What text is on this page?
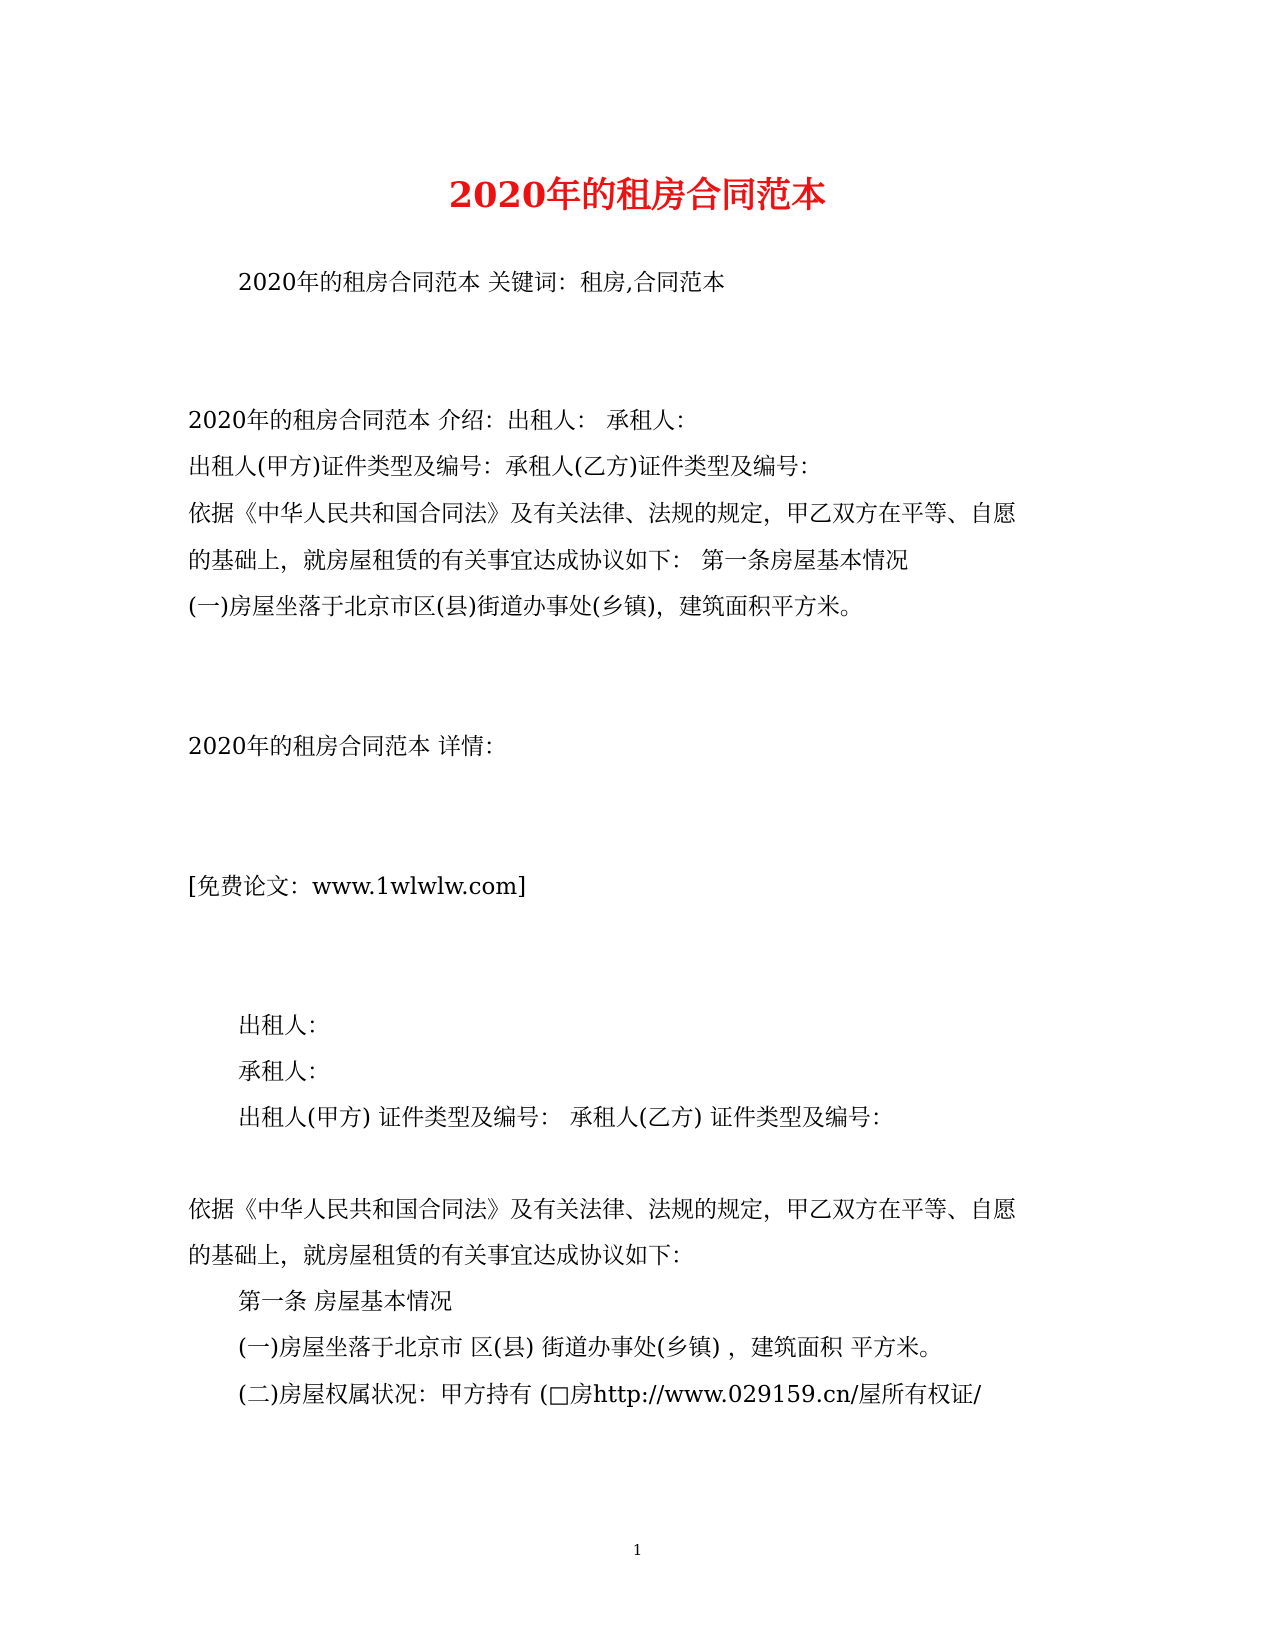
2020年的租房合同范本
2020年的租房合同范本 关键词：租房,合同范本
2020年的租房合同范本 介绍：出租人： 承租人：
出租人(甲方)证件类型及编号：承租人(乙方)证件类型及编号：
依据《中华人民共和国合同法》及有关法律、法规的规定，甲乙双方在平等、自愿
的基础上，就房屋租赁的有关事宜达成协议如下： 第一条房屋基本情况
(一)房屋坐落于北京市区(县)街道办事处(乡镇)，建筑面积平方米。
2020年的租房合同范本 详情：
[免费论文：www.1wlwlw.com]
出租人：
承租人：
出租人(甲方) 证件类型及编号： 承租人(乙方) 证件类型及编号：
依据《中华人民共和国合同法》及有关法律、法规的规定，甲乙双方在平等、自愿
的基础上，就房屋租赁的有关事宜达成协议如下：
第一条 房屋基本情况
(一)房屋坐落于北京市 区(县) 街道办事处(乡镇) ，建筑面积 平方米。
(二)房屋权属状况：甲方持有 (□房http://www.029159.cn/屋所有权证/
1
